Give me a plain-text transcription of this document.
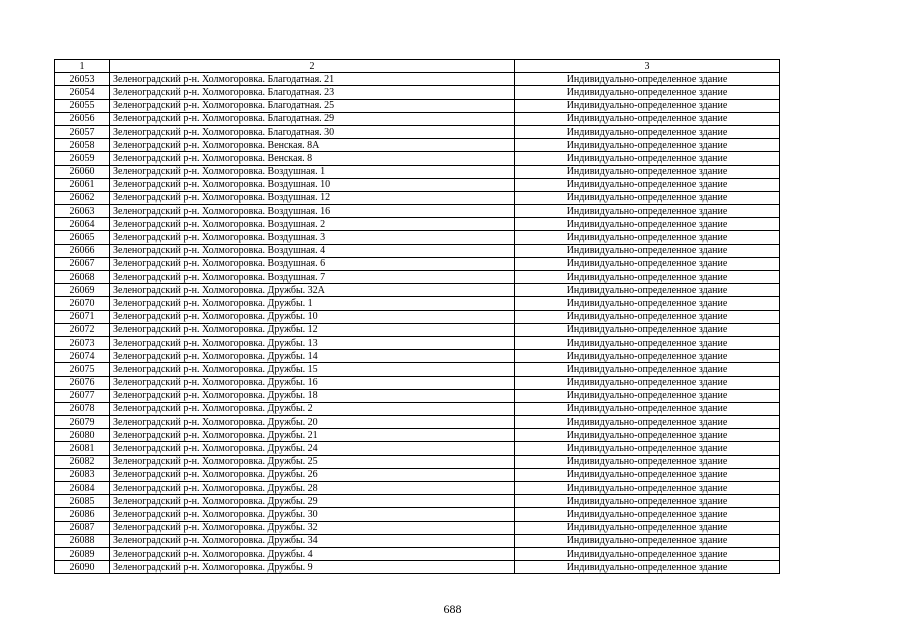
1	2	3
26053	Зеленоградский р-н. Холмогоровка. Благодатная. 21	Индивидуально-определенное здание
26054	Зеленоградский р-н. Холмогоровка. Благодатная. 23	Индивидуально-определенное здание
26055	Зеленоградский р-н. Холмогоровка. Благодатная. 25	Индивидуально-определенное здание
26056	Зеленоградский р-н. Холмогоровка. Благодатная. 29	Индивидуально-определенное здание
26057	Зеленоградский р-н. Холмогоровка. Благодатная. 30	Индивидуально-определенное здание
26058	Зеленоградский р-н. Холмогоровка. Венская. 8А	Индивидуально-определенное здание
26059	Зеленоградский р-н. Холмогоровка. Венская. 8	Индивидуально-определенное здание
26060	Зеленоградский р-н. Холмогоровка. Воздушная. 1	Индивидуально-определенное здание
26061	Зеленоградский р-н. Холмогоровка. Воздушная. 10	Индивидуально-определенное здание
26062	Зеленоградский р-н. Холмогоровка. Воздушная. 12	Индивидуально-определенное здание
26063	Зеленоградский р-н. Холмогоровка. Воздушная. 16	Индивидуально-определенное здание
26064	Зеленоградский р-н. Холмогоровка. Воздушная. 2	Индивидуально-определенное здание
26065	Зеленоградский р-н. Холмогоровка. Воздушная. 3	Индивидуально-определенное здание
26066	Зеленоградский р-н. Холмогоровка. Воздушная. 4	Индивидуально-определенное здание
26067	Зеленоградский р-н. Холмогоровка. Воздушная. 6	Индивидуально-определенное здание
26068	Зеленоградский р-н. Холмогоровка. Воздушная. 7	Индивидуально-определенное здание
26069	Зеленоградский р-н. Холмогоровка. Дружбы. 32А	Индивидуально-определенное здание
26070	Зеленоградский р-н. Холмогоровка. Дружбы. 1	Индивидуально-определенное здание
26071	Зеленоградский р-н. Холмогоровка. Дружбы. 10	Индивидуально-определенное здание
26072	Зеленоградский р-н. Холмогоровка. Дружбы. 12	Индивидуально-определенное здание
26073	Зеленоградский р-н. Холмогоровка. Дружбы. 13	Индивидуально-определенное здание
26074	Зеленоградский р-н. Холмогоровка. Дружбы. 14	Индивидуально-определенное здание
26075	Зеленоградский р-н. Холмогоровка. Дружбы. 15	Индивидуально-определенное здание
26076	Зеленоградский р-н. Холмогоровка. Дружбы. 16	Индивидуально-определенное здание
26077	Зеленоградский р-н. Холмогоровка. Дружбы. 18	Индивидуально-определенное здание
26078	Зеленоградский р-н. Холмогоровка. Дружбы. 2	Индивидуально-определенное здание
26079	Зеленоградский р-н. Холмогоровка. Дружбы. 20	Индивидуально-определенное здание
26080	Зеленоградский р-н. Холмогоровка. Дружбы. 21	Индивидуально-определенное здание
26081	Зеленоградский р-н. Холмогоровка. Дружбы. 24	Индивидуально-определенное здание
26082	Зеленоградский р-н. Холмогоровка. Дружбы. 25	Индивидуально-определенное здание
26083	Зеленоградский р-н. Холмогоровка. Дружбы. 26	Индивидуально-определенное здание
26084	Зеленоградский р-н. Холмогоровка. Дружбы. 28	Индивидуально-определенное здание
26085	Зеленоградский р-н. Холмогоровка. Дружбы. 29	Индивидуально-определенное здание
26086	Зеленоградский р-н. Холмогоровка. Дружбы. 30	Индивидуально-определенное здание
26087	Зеленоградский р-н. Холмогоровка. Дружбы. 32	Индивидуально-определенное здание
26088	Зеленоградский р-н. Холмогоровка. Дружбы. 34	Индивидуально-определенное здание
26089	Зеленоградский р-н. Холмогоровка. Дружбы. 4	Индивидуально-определенное здание
26090	Зеленоградский р-н. Холмогоровка. Дружбы. 9	Индивидуально-определенное здание
688
